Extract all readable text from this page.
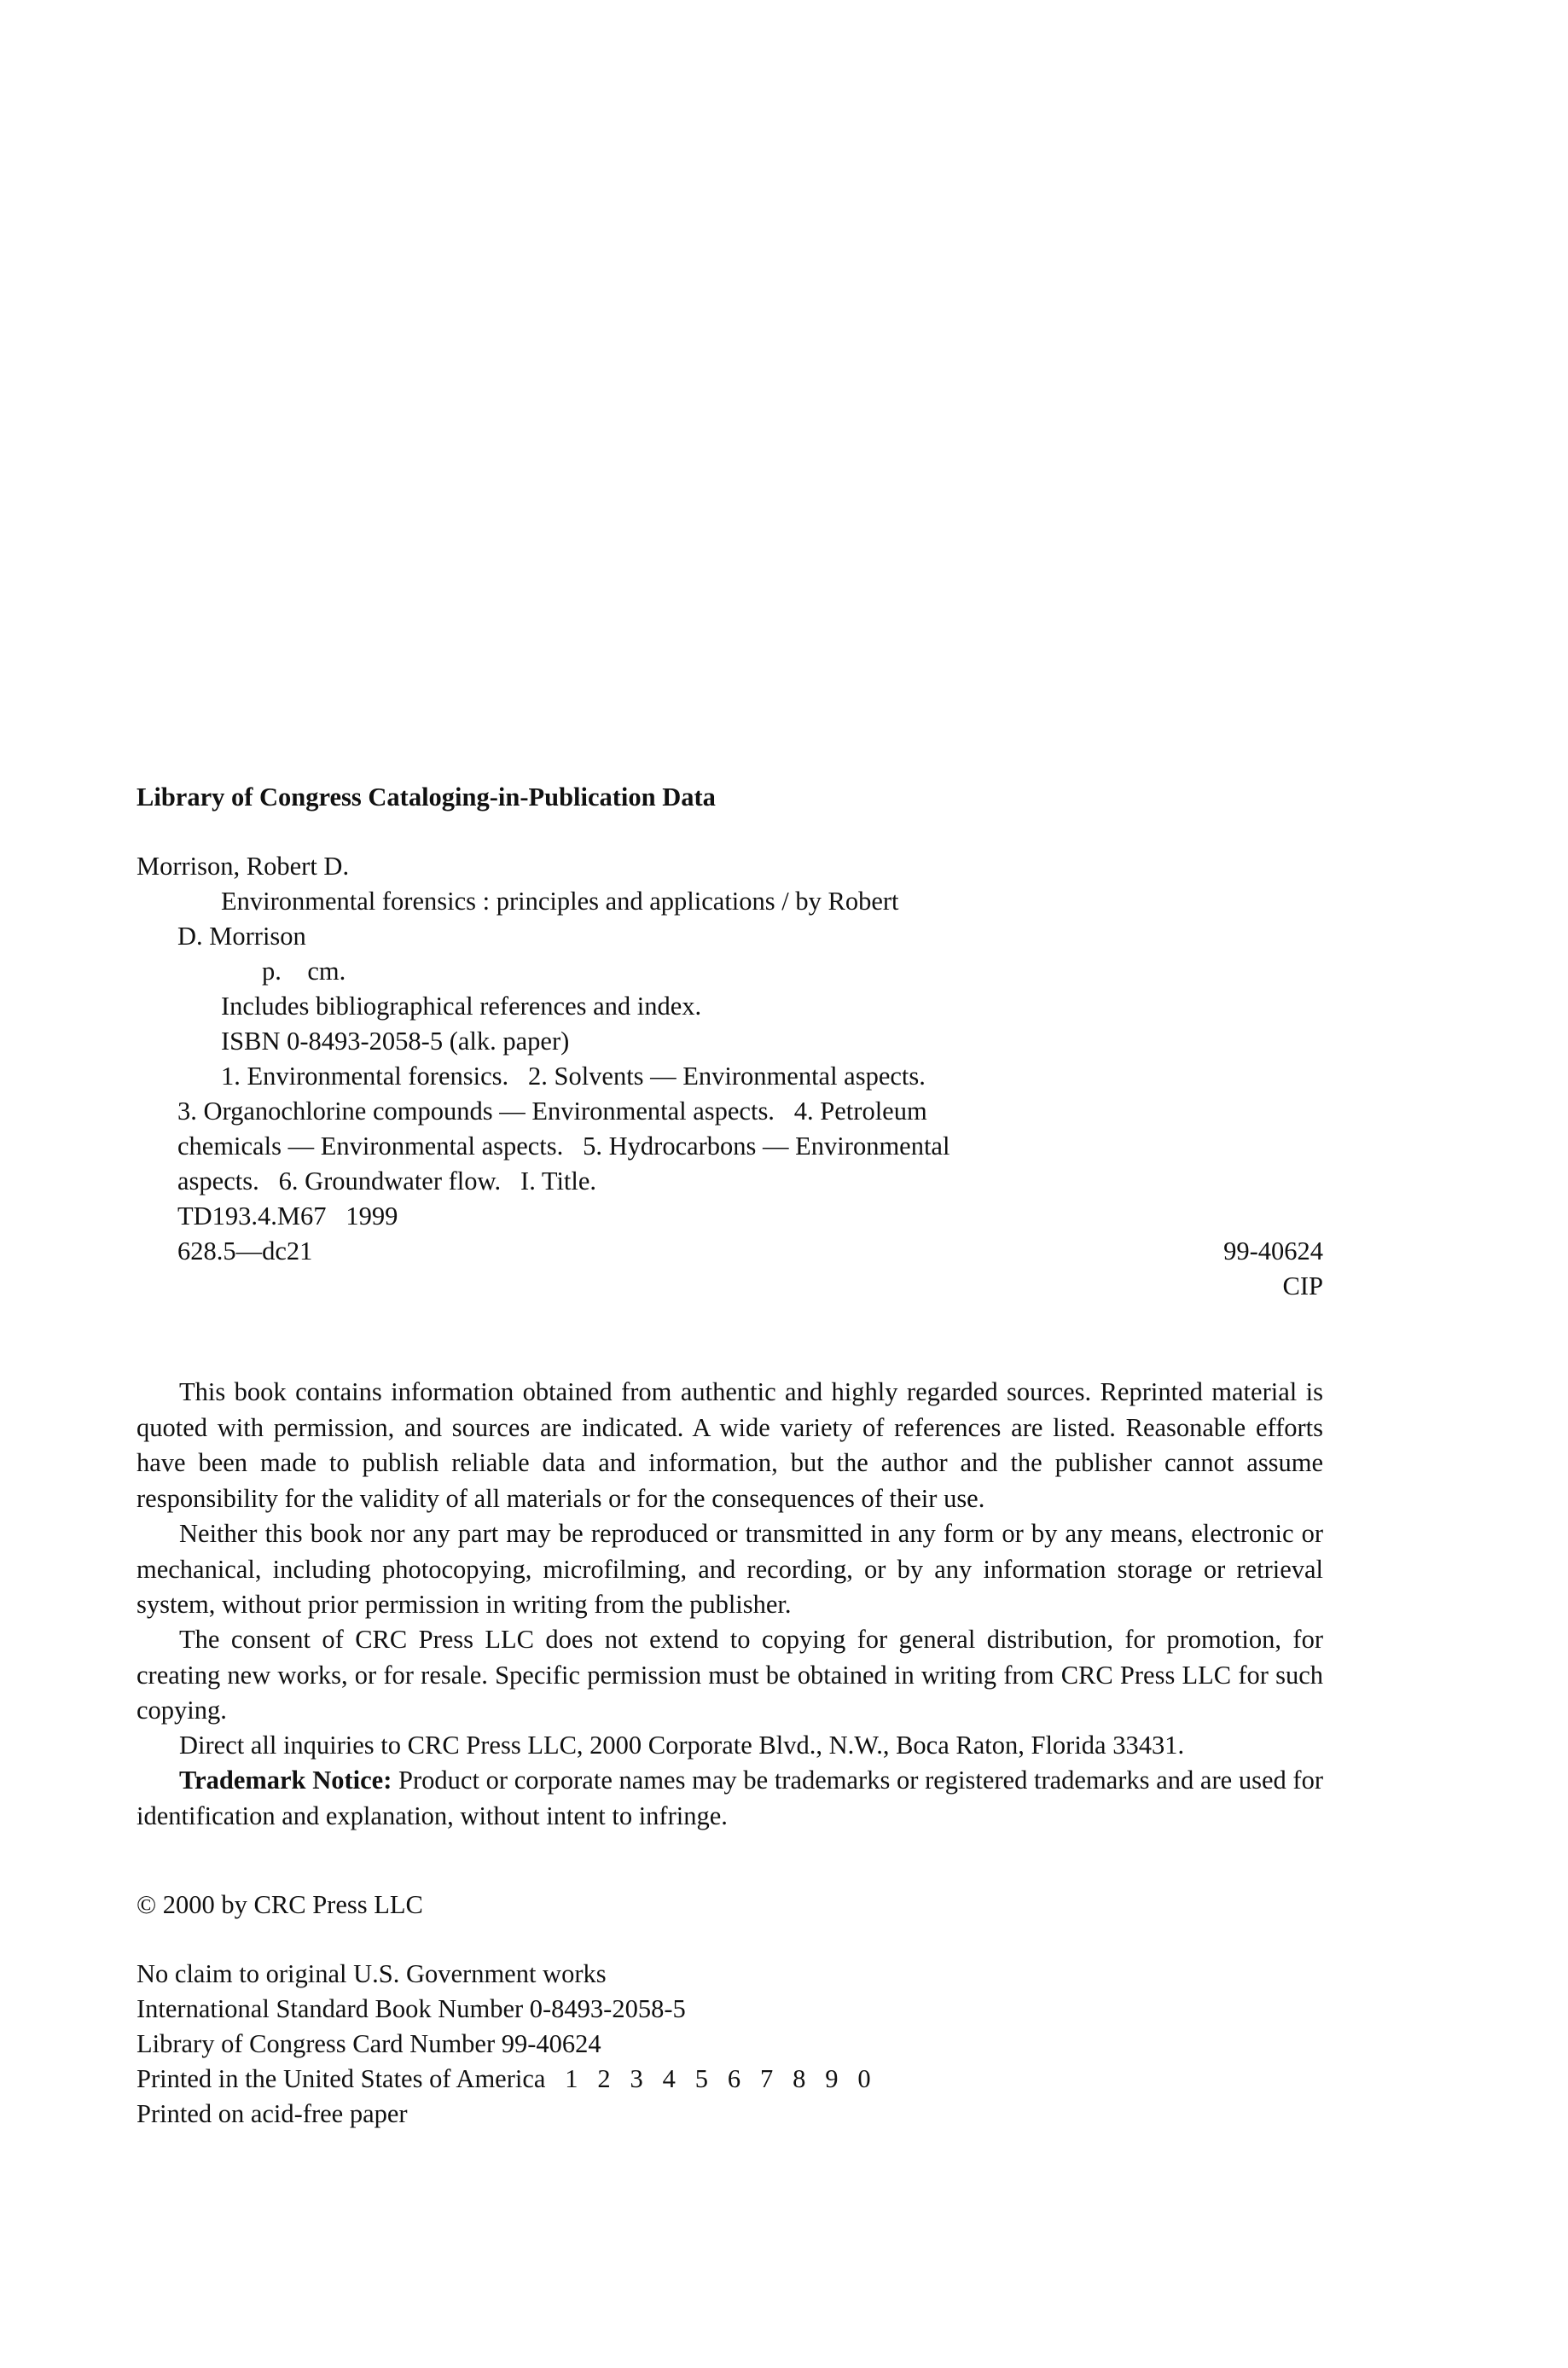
Library of Congress Cataloging-in-Publication Data

Morrison, Robert D.

Environmental forensics : principles and applications / by Robert

D. Morrison

p.    cm.

Includes bibliographical references and index.

ISBN 0-8493-2058-5 (alk. paper)

1. Environmental forensics.   2. Solvents — Environmental aspects.

3. Organochlorine compounds — Environmental aspects.   4. Petroleum

chemicals — Environmental aspects.   5. Hydrocarbons — Environmental

aspects.   6. Groundwater flow.   I. Title.

TD193.4.M67   1999

628.5—dc21	99-40624

CIP

This book contains information obtained from authentic and highly regarded sources. Reprinted material is quoted with permission, and sources are indicated. A wide variety of references are listed. Reasonable efforts have been made to publish reliable data and information, but the author and the publisher cannot assume responsibility for the validity of all materials or for the consequences of their use.

Neither this book nor any part may be reproduced or transmitted in any form or by any means, electronic or mechanical, including photocopying, microfilming, and recording, or by any information storage or retrieval system, without prior permission in writing from the publisher.

The consent of CRC Press LLC does not extend to copying for general distribution, for promotion, for creating new works, or for resale. Specific permission must be obtained in writing from CRC Press LLC for such copying.

Direct all inquiries to CRC Press LLC, 2000 Corporate Blvd., N.W., Boca Raton, Florida 33431.

Trademark Notice: Product or corporate names may be trademarks or registered trademarks and are used for identification and explanation, without intent to infringe.

© 2000 by CRC Press LLC

No claim to original U.S. Government works

International Standard Book Number 0-8493-2058-5

Library of Congress Card Number 99-40624

Printed in the United States of America   1   2   3   4   5   6   7   8   9   0

Printed on acid-free paper
